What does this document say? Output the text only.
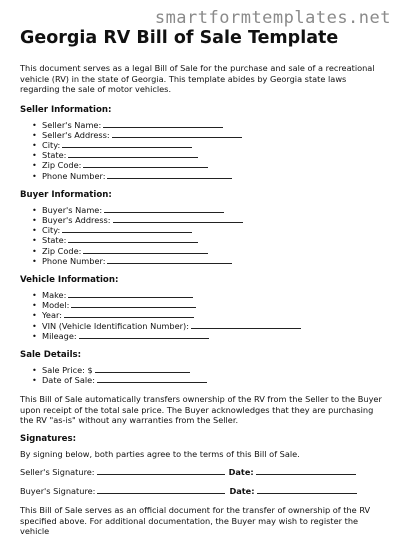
smartformtemplates.net
Georgia RV Bill of Sale Template

This document serves as a legal Bill of Sale for the purchase and sale of a recreational vehicle (RV) in the state of Georgia. This template abides by Georgia state laws regarding the sale of motor vehicles.

Seller Information:
• Seller's Name:
• Seller's Address:
• City:
• State:
• Zip Code:
• Phone Number:
Buyer Information:
• Buyer's Name:
• Buyer's Address:
• City:
• State:
• Zip Code:
• Phone Number:
Vehicle Information:
• Make:
• Model:
• Year:
• VIN (Vehicle Identification Number):
• Mileage:
Sale Details:
• Sale Price: $
• Date of Sale:

This Bill of Sale automatically transfers ownership of the RV from the Seller to the Buyer upon receipt of the total sale price. The Buyer acknowledges that they are purchasing the RV "as-is" without any warranties from the Seller.

Signatures:

By signing below, both parties agree to the terms of this Bill of Sale.

Seller's Signature:	Date:
Buyer's Signature:	Date:

This Bill of Sale serves as an official document for the transfer of ownership of the RV specified above. For additional documentation, the Buyer may wish to register the vehicle
